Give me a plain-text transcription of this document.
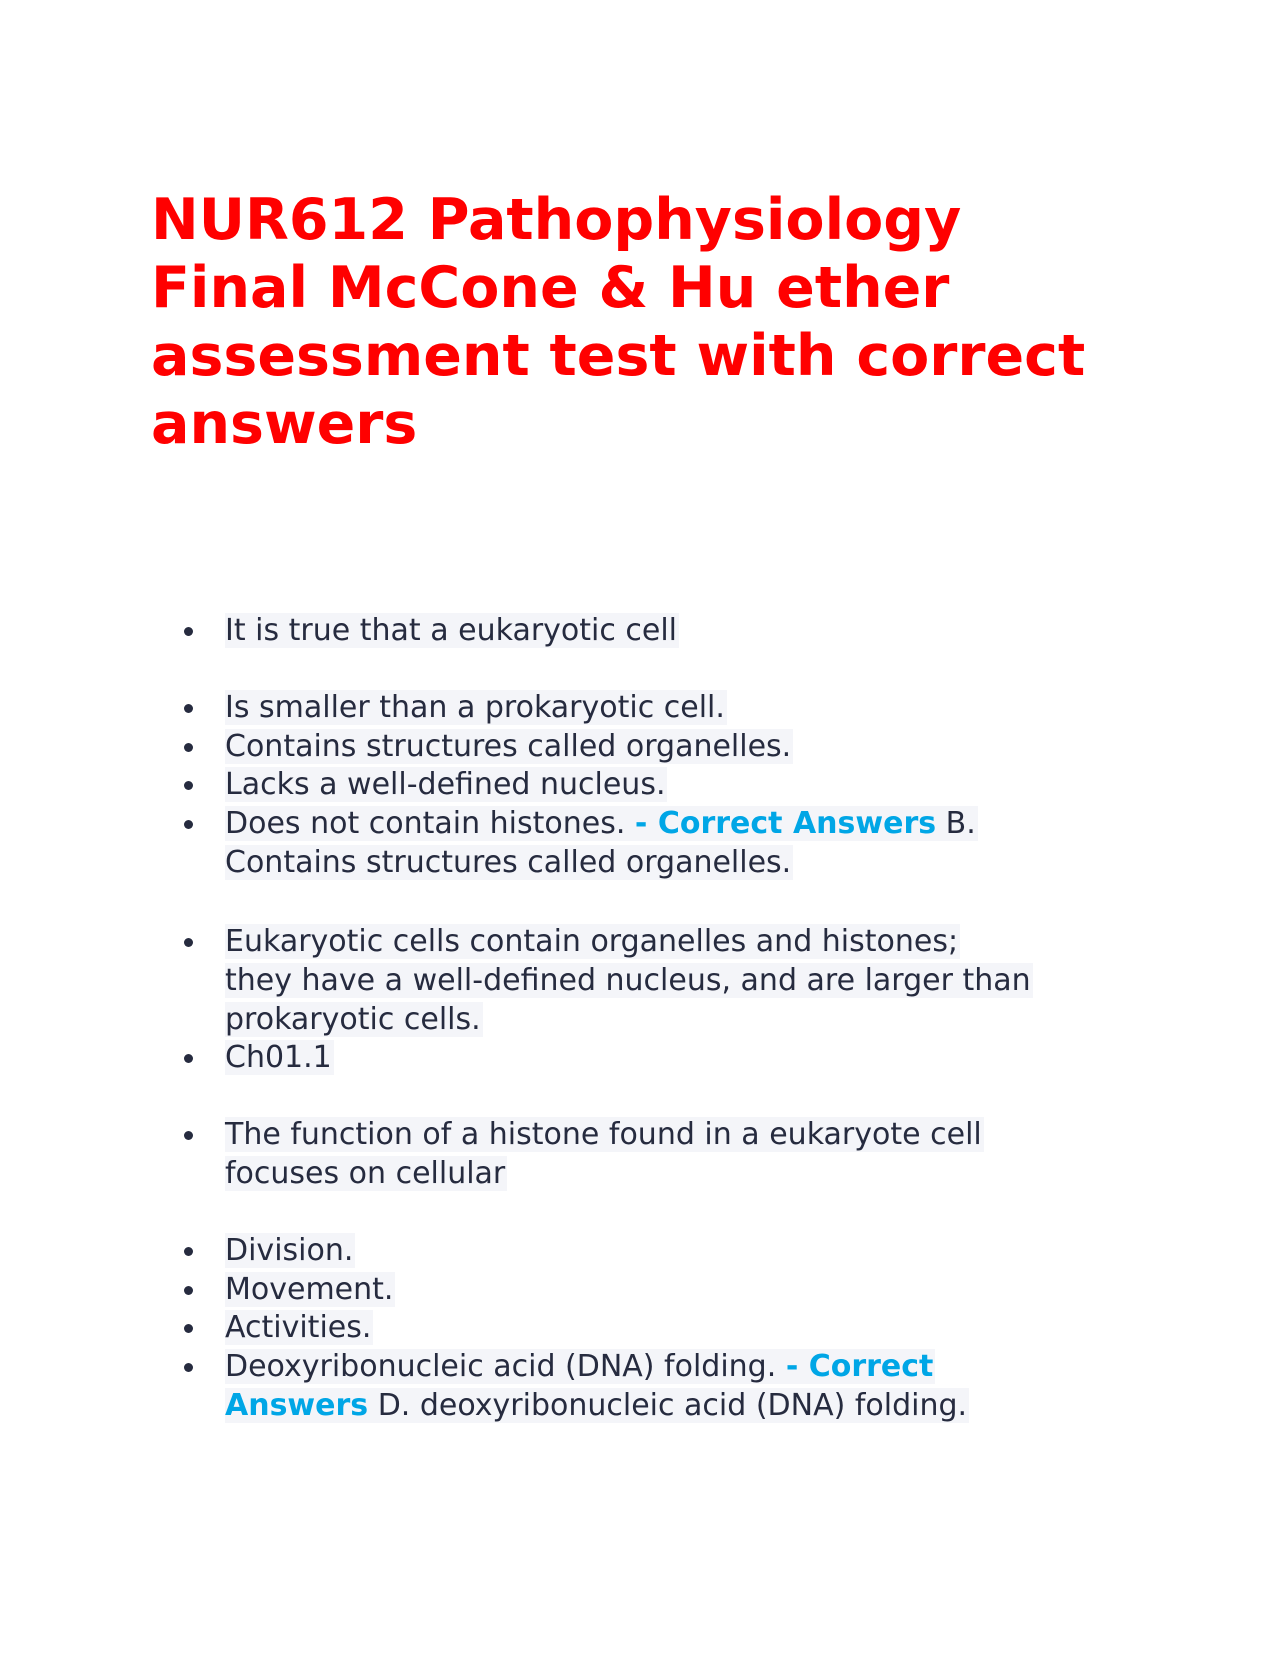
NUR612 Pathophysiology
Final McCone & Hu ether
assessment test with correct
answers
It is true that a eukaryotic cell
Is smaller than a prokaryotic cell.
Contains structures called organelles.
Lacks a well-defined nucleus.
Does not contain histones. - Correct Answers B.
Contains structures called organelles.
Eukaryotic cells contain organelles and histones;
they have a well-defined nucleus, and are larger than
prokaryotic cells.
Ch01.1
The function of a histone found in a eukaryote cell
focuses on cellular
Division.
Movement.
Activities.
Deoxyribonucleic acid (DNA) folding. - Correct
Answers D. deoxyribonucleic acid (DNA) folding.
